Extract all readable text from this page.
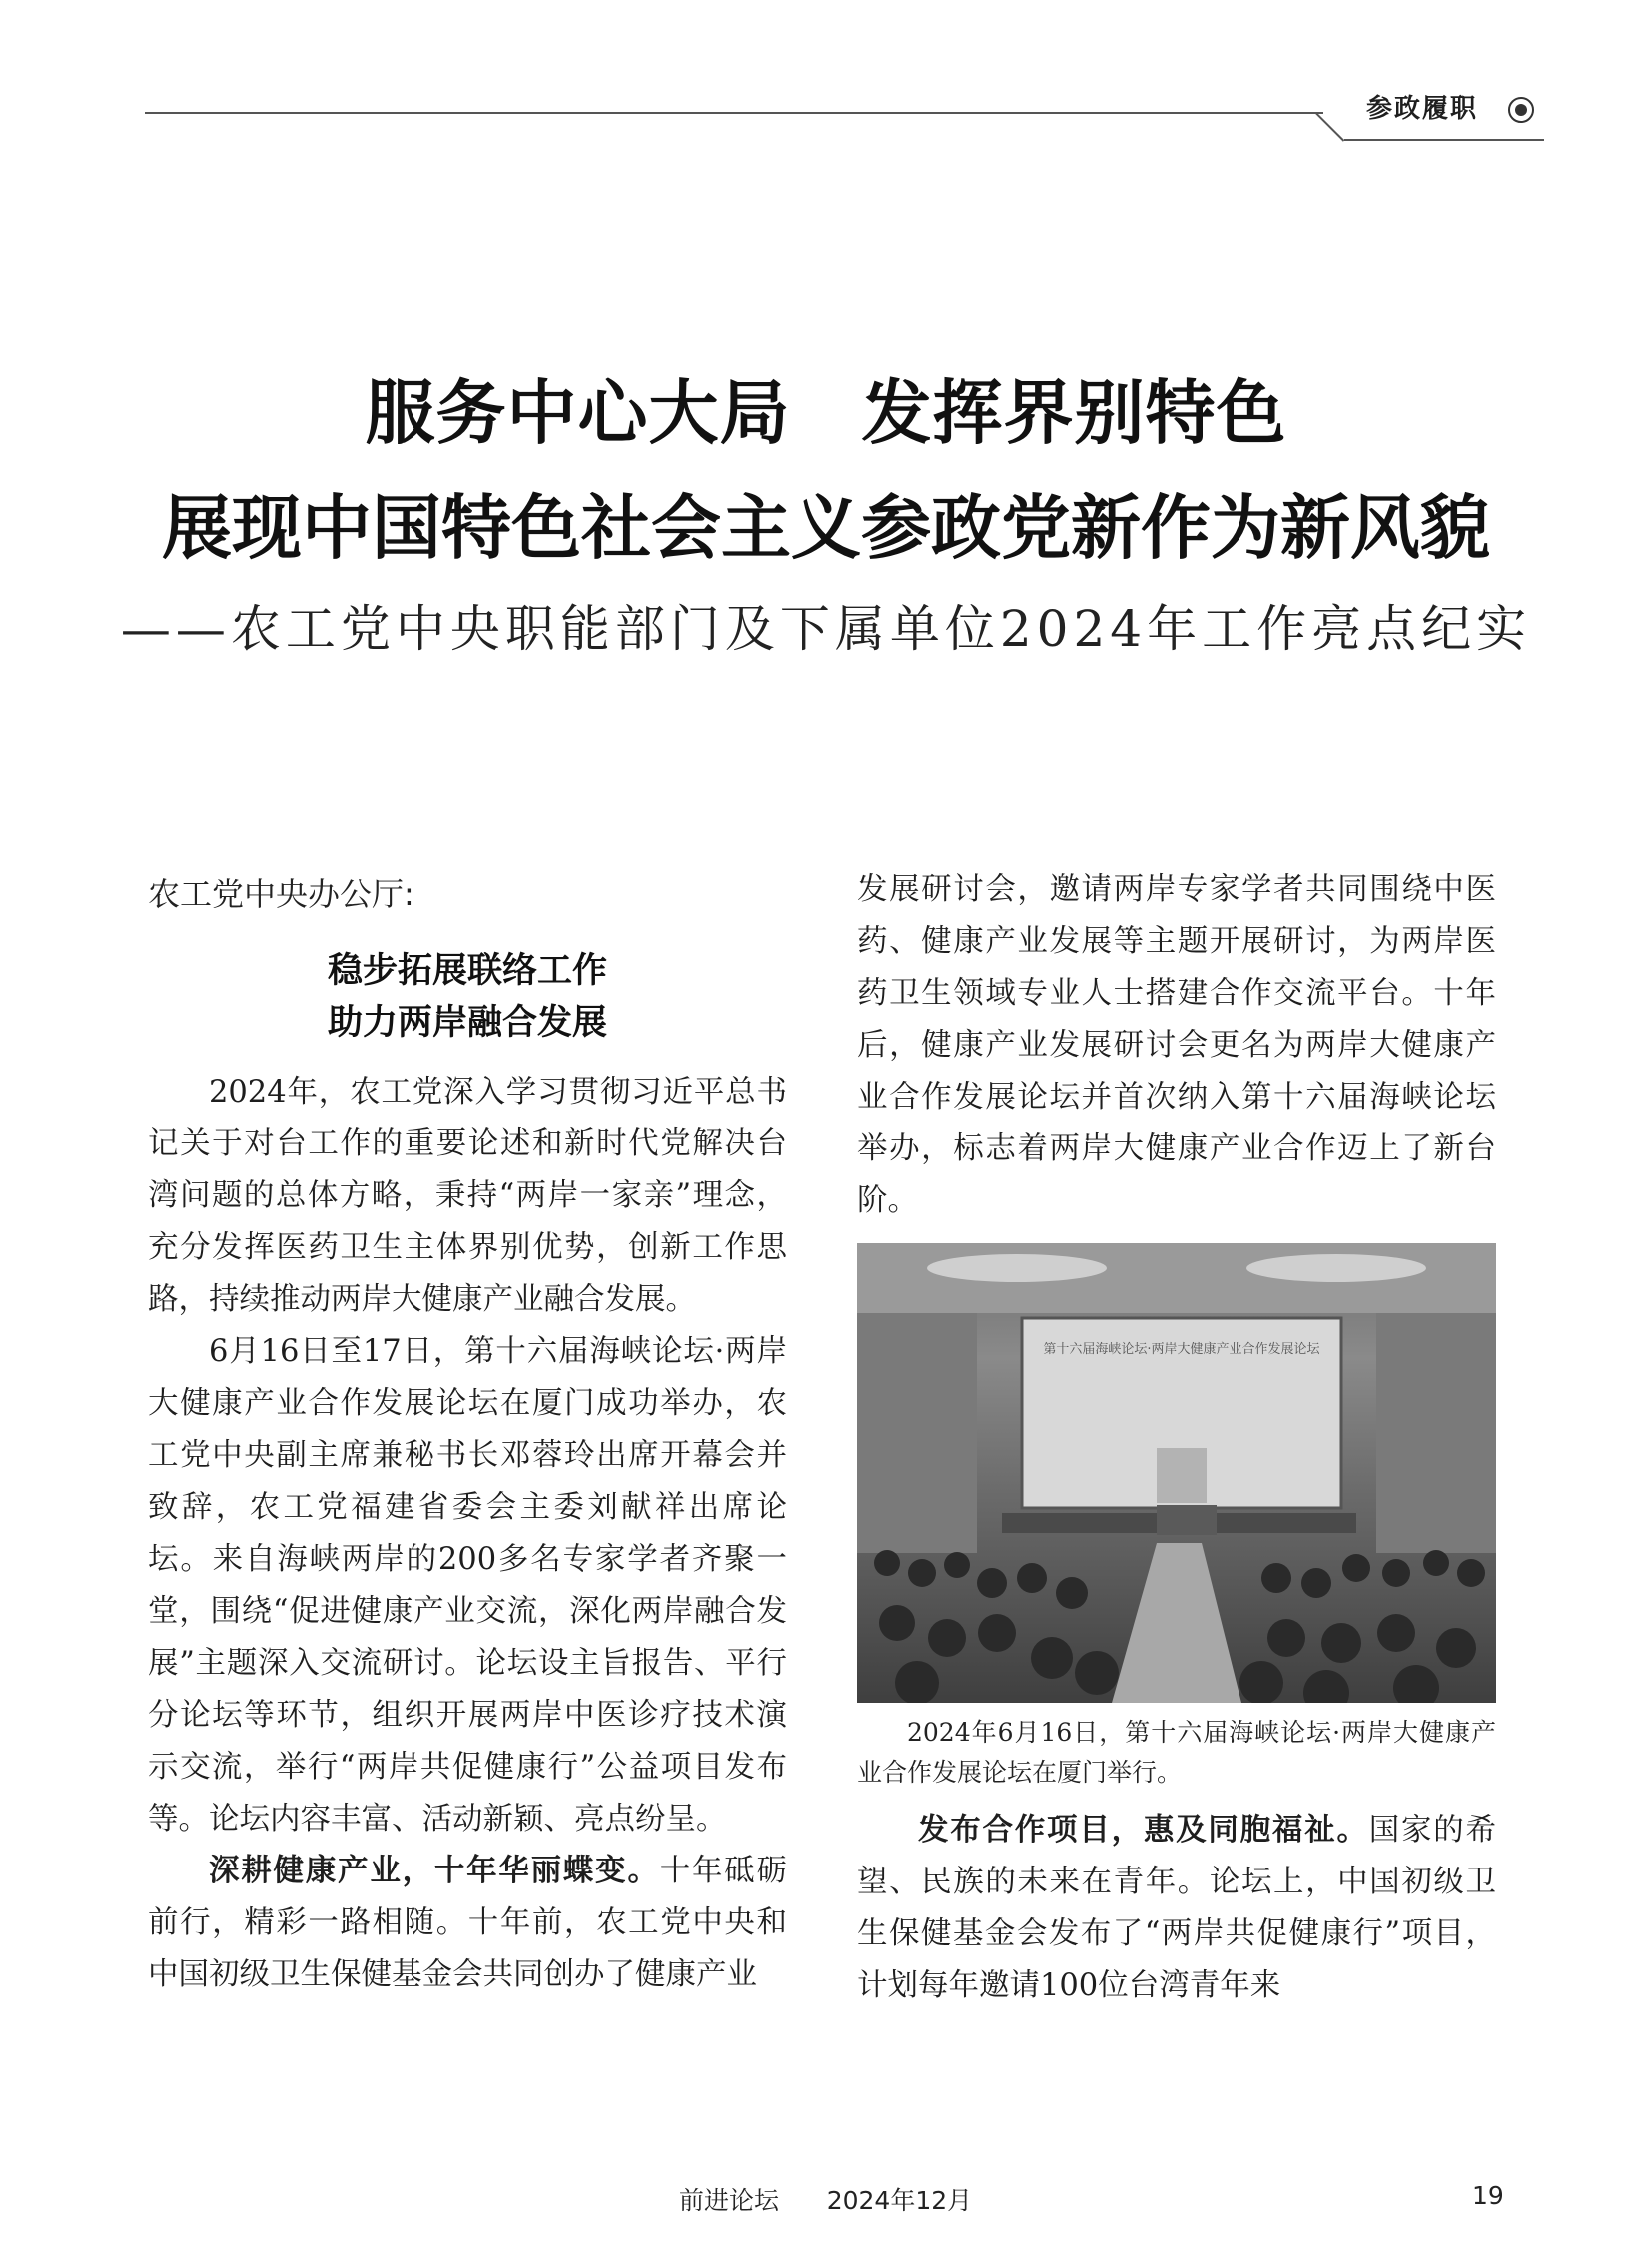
参政履职
服务中心大局　发挥界别特色
展现中国特色社会主义参政党新作为新风貌
——农工党中央职能部门及下属单位2024年工作亮点纪实
农工党中央办公厅:
稳步拓展联络工作
助力两岸融合发展

2024年，农工党深入学习贯彻习近平总书记关于对台工作的重要论述和新时代党解决台湾问题的总体方略，秉持“两岸一家亲”理念，充分发挥医药卫生主体界别优势，创新工作思路，持续推动两岸大健康产业融合发展。

6月16日至17日，第十六届海峡论坛·两岸大健康产业合作发展论坛在厦门成功举办，农工党中央副主席兼秘书长邓蓉玲出席开幕会并致辞，农工党福建省委会主委刘献祥出席论坛。来自海峡两岸的200多名专家学者齐聚一堂，围绕“促进健康产业交流，深化两岸融合发展”主题深入交流研讨。论坛设主旨报告、平行分论坛等环节，组织开展两岸中医诊疗技术演示交流，举行“两岸共促健康行”公益项目发布等。论坛内容丰富、活动新颖、亮点纷呈。

深耕健康产业，十年华丽蝶变。十年砥砺前行，精彩一路相随。十年前，农工党中央和中国初级卫生保健基金会共同创办了健康产业

发展研讨会，邀请两岸专家学者共同围绕中医药、健康产业发展等主题开展研讨，为两岸医药卫生领域专业人士搭建合作交流平台。十年后，健康产业发展研讨会更名为两岸大健康产业合作发展论坛并首次纳入第十六届海峡论坛举办，标志着两岸大健康产业合作迈上了新台阶。

第十六届海峡论坛·两岸大健康产业合作发展论坛

2024年6月16日，第十六届海峡论坛·两岸大健康产业合作发展论坛在厦门举行。

发布合作项目，惠及同胞福祉。国家的希望、民族的未来在青年。论坛上，中国初级卫生保健基金会发布了“两岸共促健康行”项目，计划每年邀请100位台湾青年来

前进论坛 2024年12月	19
